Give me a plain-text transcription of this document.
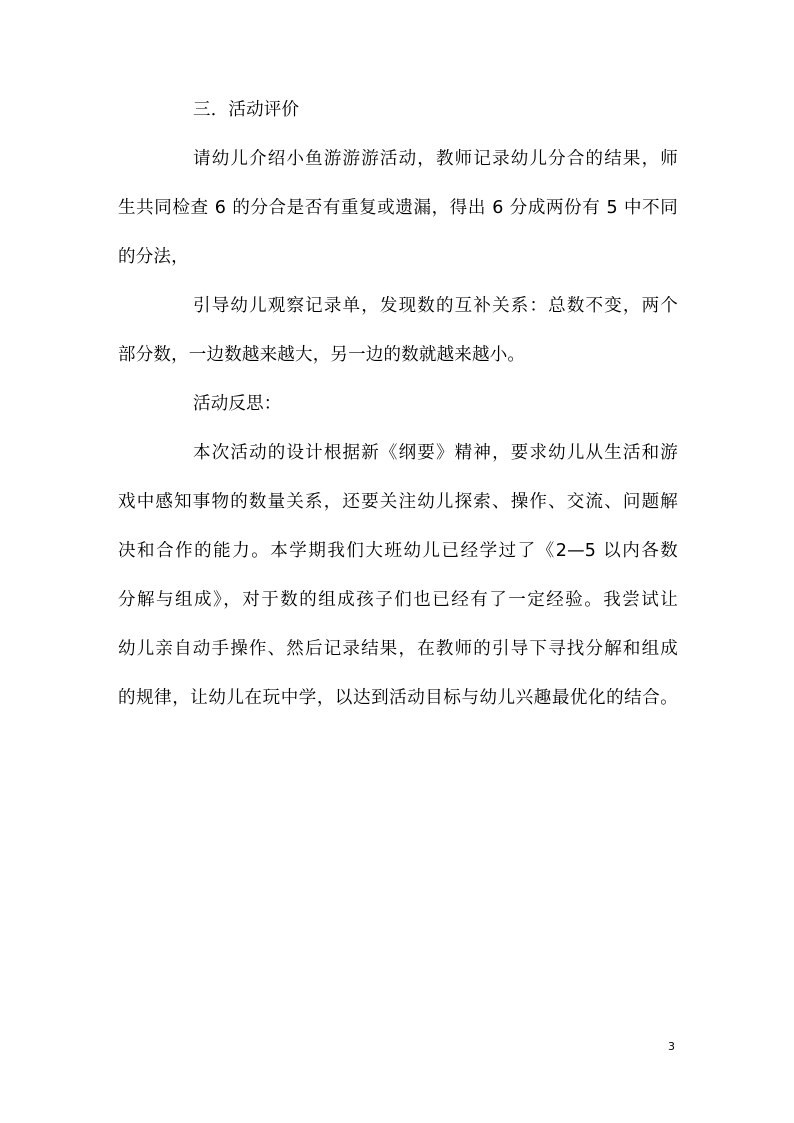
三．活动评价
请幼儿介绍小鱼游游游活动，教师记录幼儿分合的结果，师
生共同检查 6 的分合是否有重复或遗漏，得出 6 分成两份有 5 中不同
的分法，
引导幼儿观察记录单，发现数的互补关系：总数不变，两个
部分数，一边数越来越大，另一边的数就越来越小。
活动反思：
本次活动的设计根据新《纲要》精神，要求幼儿从生活和游
戏中感知事物的数量关系，还要关注幼儿探索、操作、交流、问题解
决和合作的能力。本学期我们大班幼儿已经学过了《2—5 以内各数
分解与组成》，对于数的组成孩子们也已经有了一定经验。我尝试让
幼儿亲自动手操作、然后记录结果，在教师的引导下寻找分解和组成
的规律，让幼儿在玩中学，以达到活动目标与幼儿兴趣最优化的结合。
3
